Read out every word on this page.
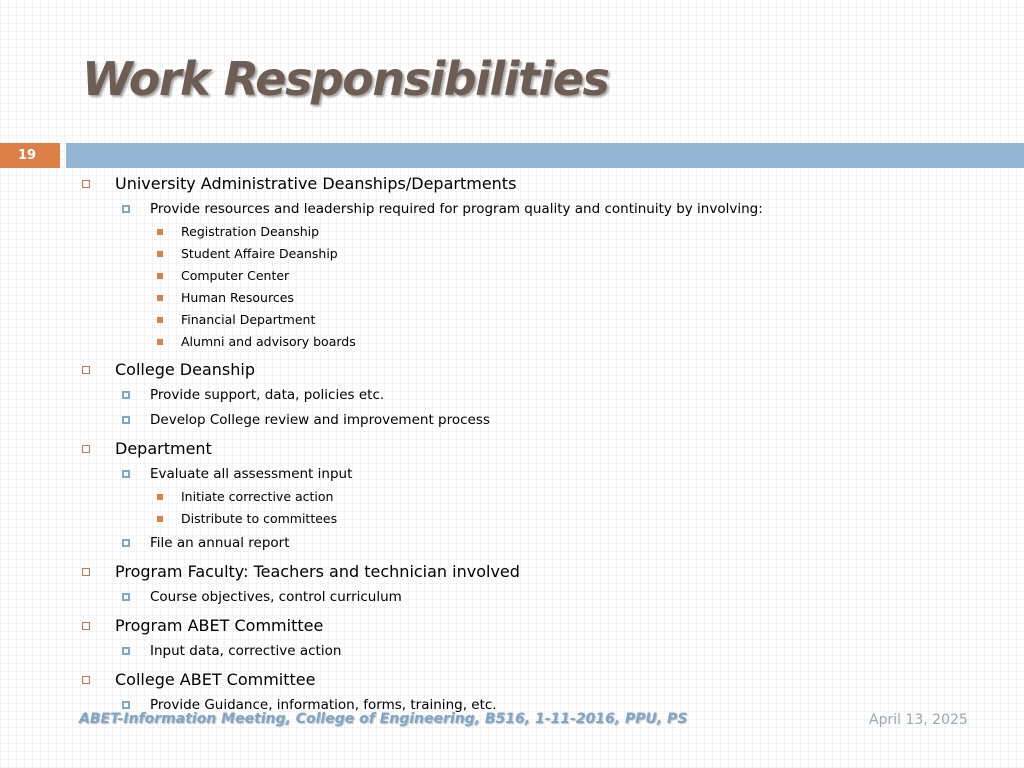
Work Responsibilities
19
University Administrative Deanships/Departments
Provide resources and leadership required for program quality and continuity by involving:
Registration Deanship
Student Affaire Deanship
Computer Center
Human Resources
Financial Department
Alumni and advisory boards
College Deanship
Provide support, data, policies etc.
Develop College review and improvement process
Department
Evaluate all assessment input
Initiate corrective action
Distribute to committees
File an annual report
Program Faculty: Teachers and technician involved
Course objectives, control curriculum
Program ABET Committee
Input data, corrective action
College ABET Committee
Provide Guidance, information, forms, training, etc.
ABET-Information Meeting, College of Engineering, B516, 1-11-2016, PPU, PS	April 13, 2025
